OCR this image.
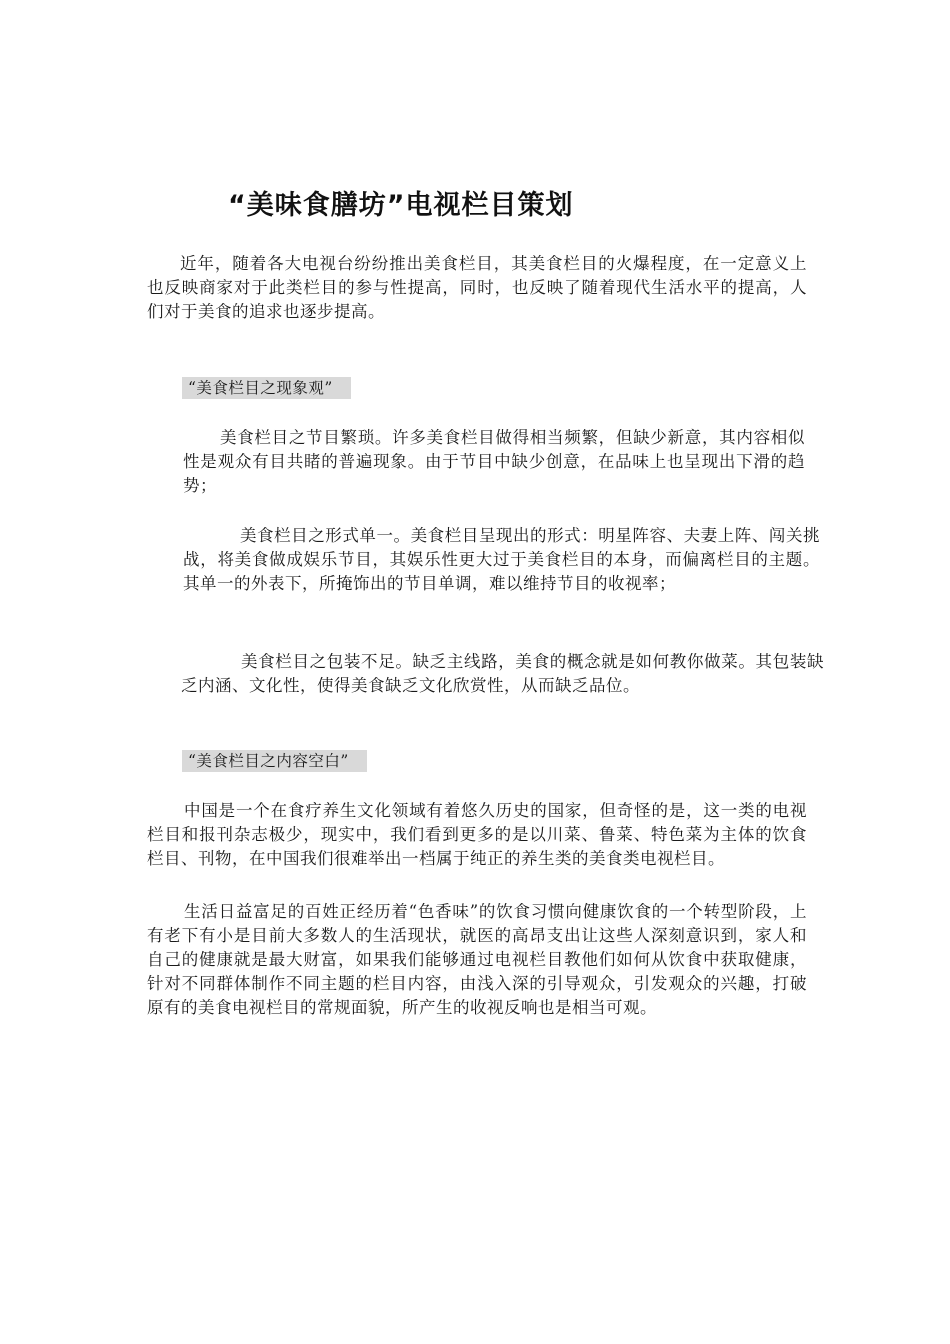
“美味食膳坊”电视栏目策划

近年，随着各大电视台纷纷推出美食栏目，其美食栏目的火爆程度，在一定意义上也反映商家对于此类栏目的参与性提高，同时，也反映了随着现代生活水平的提高，人们对于美食的追求也逐步提高。

“美食栏目之现象观”

美食栏目之节目繁琐。许多美食栏目做得相当频繁，但缺少新意，其内容相似性是观众有目共睹的普遍现象。由于节目中缺少创意，在品味上也呈现出下滑的趋势；

美食栏目之形式单一。美食栏目呈现出的形式：明星阵容、夫妻上阵、闯关挑战，将美食做成娱乐节目，其娱乐性更大过于美食栏目的本身，而偏离栏目的主题。其单一的外表下，所掩饰出的节目单调，难以维持节目的收视率；

美食栏目之包装不足。缺乏主线路，美食的概念就是如何教你做菜。其包装缺乏内涵、文化性，使得美食缺乏文化欣赏性，从而缺乏品位。

“美食栏目之内容空白”

中国是一个在食疗养生文化领域有着悠久历史的国家，但奇怪的是，这一类的电视栏目和报刊杂志极少，现实中，我们看到更多的是以川菜、鲁菜、特色菜为主体的饮食栏目、刊物，在中国我们很难举出一档属于纯正的养生类的美食类电视栏目。

生活日益富足的百姓正经历着“色香味”的饮食习惯向健康饮食的一个转型阶段，上有老下有小是目前大多数人的生活现状，就医的高昂支出让这些人深刻意识到，家人和自己的健康就是最大财富，如果我们能够通过电视栏目教他们如何从饮食中获取健康，针对不同群体制作不同主题的栏目内容，由浅入深的引导观众，引发观众的兴趣，打破原有的美食电视栏目的常规面貌，所产生的收视反响也是相当可观。
